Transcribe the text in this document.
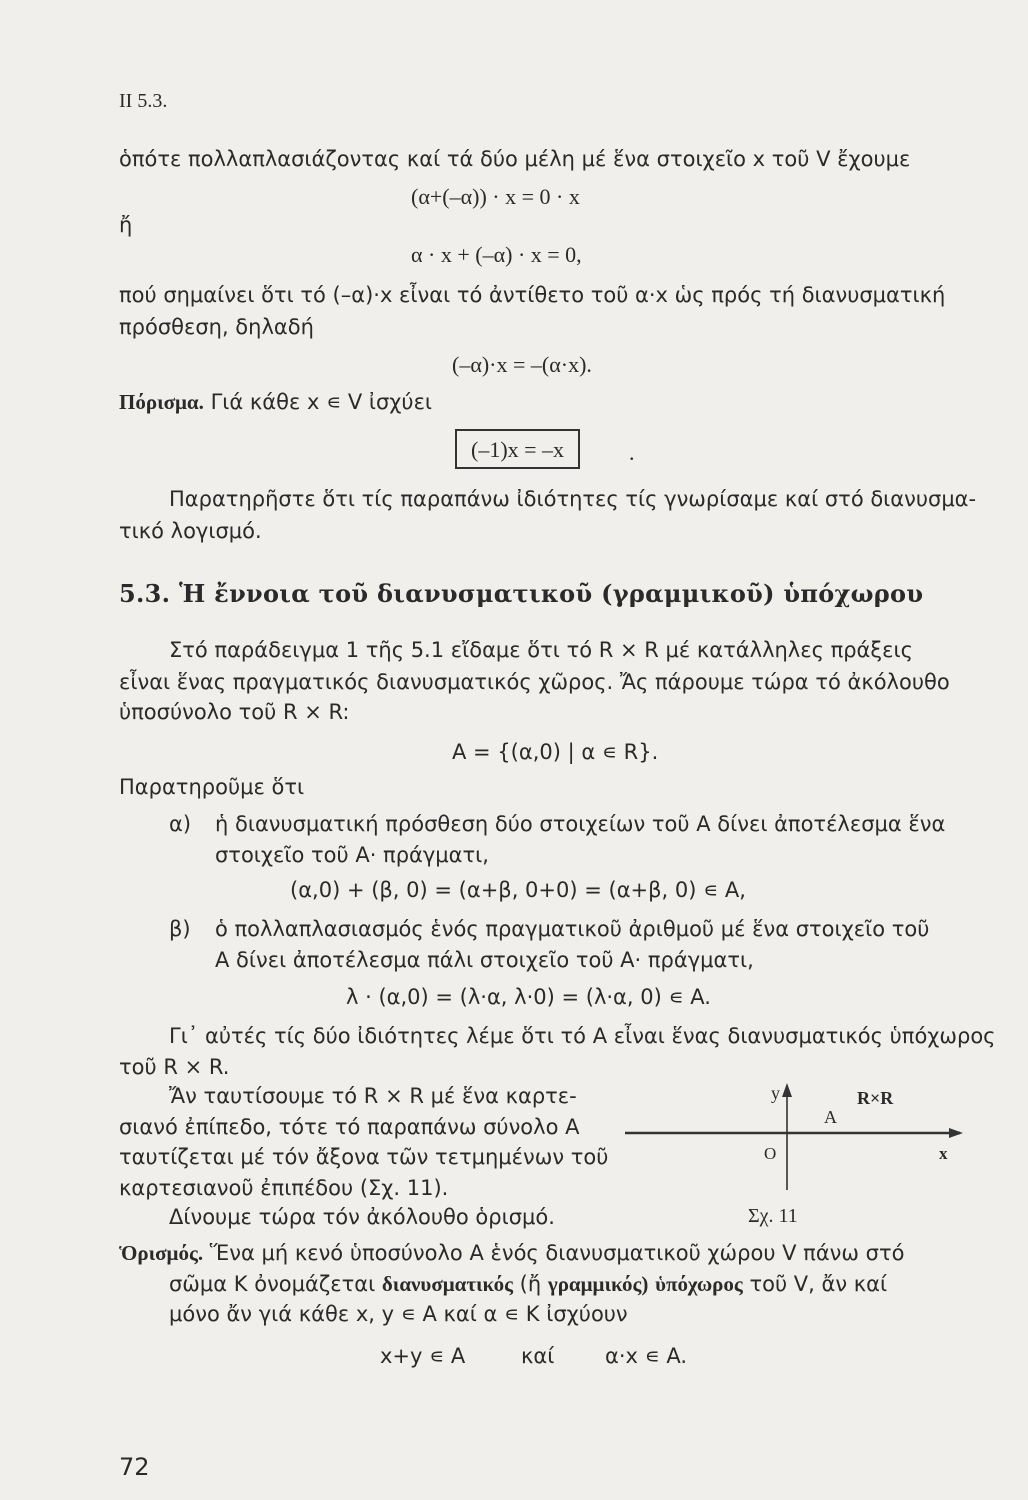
II 5.3.
ὁπότε πολλαπλασιάζοντας καί τά δύο μέλη μέ ἕνα στοιχεῖο x τοῦ V ἔχουμε
(α+(–α)) · x = 0 · x
ἤ
α · x + (–α) · x = 0,
πού σημαίνει ὅτι τό (–α)·x εἶναι τό ἀντίθετο τοῦ α·x ὡς πρός τή διανυσματική
πρόσθεση, δηλαδή
(–α)·x = –(α·x).
Πόρισμα. Γιά κάθε x ∊ V ἰσχύει
(–1)x = –x	.
Παρατηρῆστε ὅτι τίς παραπάνω ἰδιότητες τίς γνωρίσαμε καί στό διανυσμα-
τικό λογισμό.
5.3. Ἡ ἔννοια τοῦ διανυσματικοῦ (γραμμικοῦ) ὑπόχωρου
Στό παράδειγμα 1 τῆς 5.1 εἴδαμε ὅτι τό R × R μέ κατάλληλες πράξεις
εἶναι ἕνας πραγματικός διανυσματικός χῶρος. Ἄς πάρουμε τώρα τό ἀκόλουθο
ὑποσύνολο τοῦ R × R:
A = {(α,0) | α ∊ R}.
Παρατηροῦμε ὅτι
α) ἡ διανυσματική πρόσθεση δύο στοιχείων τοῦ A δίνει ἀποτέλεσμα ἕνα
στοιχεῖο τοῦ A· πράγματι,
(α,0) + (β, 0) = (α+β, 0+0) = (α+β, 0) ∊ A,
β) ὁ πολλαπλασιασμός ἑνός πραγματικοῦ ἀριθμοῦ μέ ἕνα στοιχεῖο τοῦ
A δίνει ἀποτέλεσμα πάλι στοιχεῖο τοῦ A· πράγματι,
λ · (α,0) = (λ·α, λ·0) = (λ·α, 0) ∊ A.
Γι᾿ αὐτές τίς δύο ἰδιότητες λέμε ὅτι τό A εἶναι ἕνας διανυσματικός ὑπόχωρος
τοῦ R × R.
Ἄν ταυτίσουμε τό R × R μέ ἕνα καρτε-
σιανό ἐπίπεδο, τότε τό παραπάνω σύνολο A
ταυτίζεται μέ τόν ἄξονα τῶν τετμημένων τοῦ
καρτεσιανοῦ ἐπιπέδου (Σχ. 11).
Δίνουμε τώρα τόν ἀκόλουθο ὁρισμό.
y	R×R
A
O	x
Σχ. 11
Ὁρισμός. Ἕνα μή κενό ὑποσύνολο A ἑνός διανυσματικοῦ χώρου V πάνω στό
σῶμα K ὀνομάζεται διανυσματικός (ἤ γραμμικός) ὑπόχωρος τοῦ V, ἄν καί
μόνο ἄν γιά κάθε x, y ∊ A καί α ∊ K ἰσχύουν
x+y ∊ A	καί α·x ∊ A.
72
